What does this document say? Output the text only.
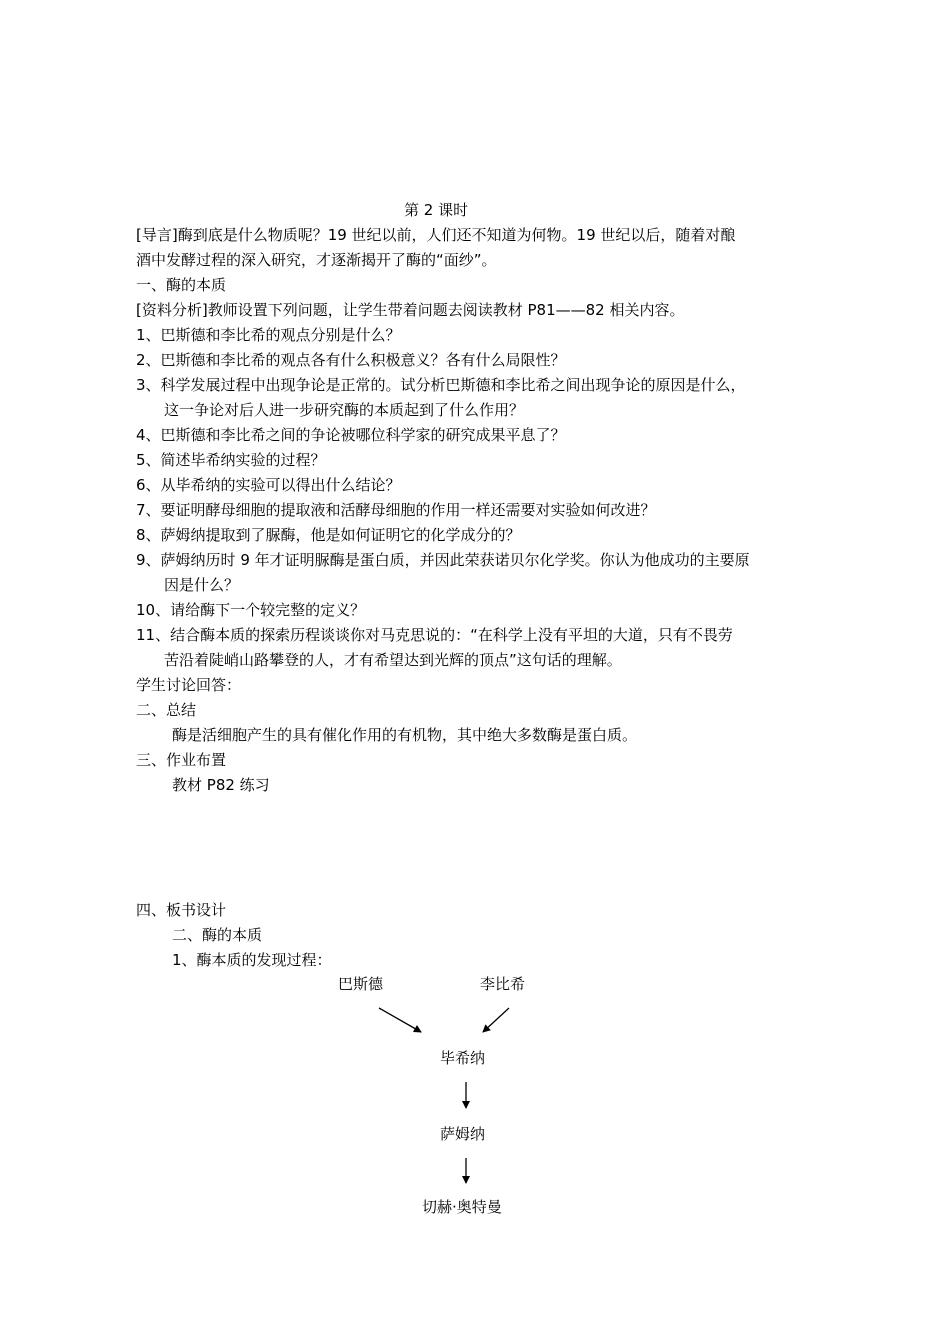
第 2 课时
[导言]酶到底是什么物质呢？19 世纪以前，人们还不知道为何物。19 世纪以后，随着对酿
酒中发酵过程的深入研究，才逐渐揭开了酶的“面纱”。
一、酶的本质
[资料分析]教师设置下列问题，让学生带着问题去阅读教材 P81——82 相关内容。
1、巴斯德和李比希的观点分别是什么？
2、巴斯德和李比希的观点各有什么积极意义？各有什么局限性？
3、科学发展过程中出现争论是正常的。试分析巴斯德和李比希之间出现争论的原因是什么，
这一争论对后人进一步研究酶的本质起到了什么作用？
4、巴斯德和李比希之间的争论被哪位科学家的研究成果平息了？
5、简述毕希纳实验的过程？
6、从毕希纳的实验可以得出什么结论？
7、要证明酵母细胞的提取液和活酵母细胞的作用一样还需要对实验如何改进？
8、萨姆纳提取到了脲酶，他是如何证明它的化学成分的？
9、萨姆纳历时 9 年才证明脲酶是蛋白质，并因此荣获诺贝尔化学奖。你认为他成功的主要原
因是什么？
10、请给酶下一个较完整的定义？
11、结合酶本质的探索历程谈谈你对马克思说的：“在科学上没有平坦的大道，只有不畏劳
苦沿着陡峭山路攀登的人，才有希望达到光辉的顶点”这句话的理解。
学生讨论回答：
二、总结
酶是活细胞产生的具有催化作用的有机物，其中绝大多数酶是蛋白质。
三、作业布置
教材 P82 练习
四、板书设计
二、酶的本质
1、酶本质的发现过程：
巴斯德	李比希
毕希纳
萨姆纳
切赫·奥特曼
